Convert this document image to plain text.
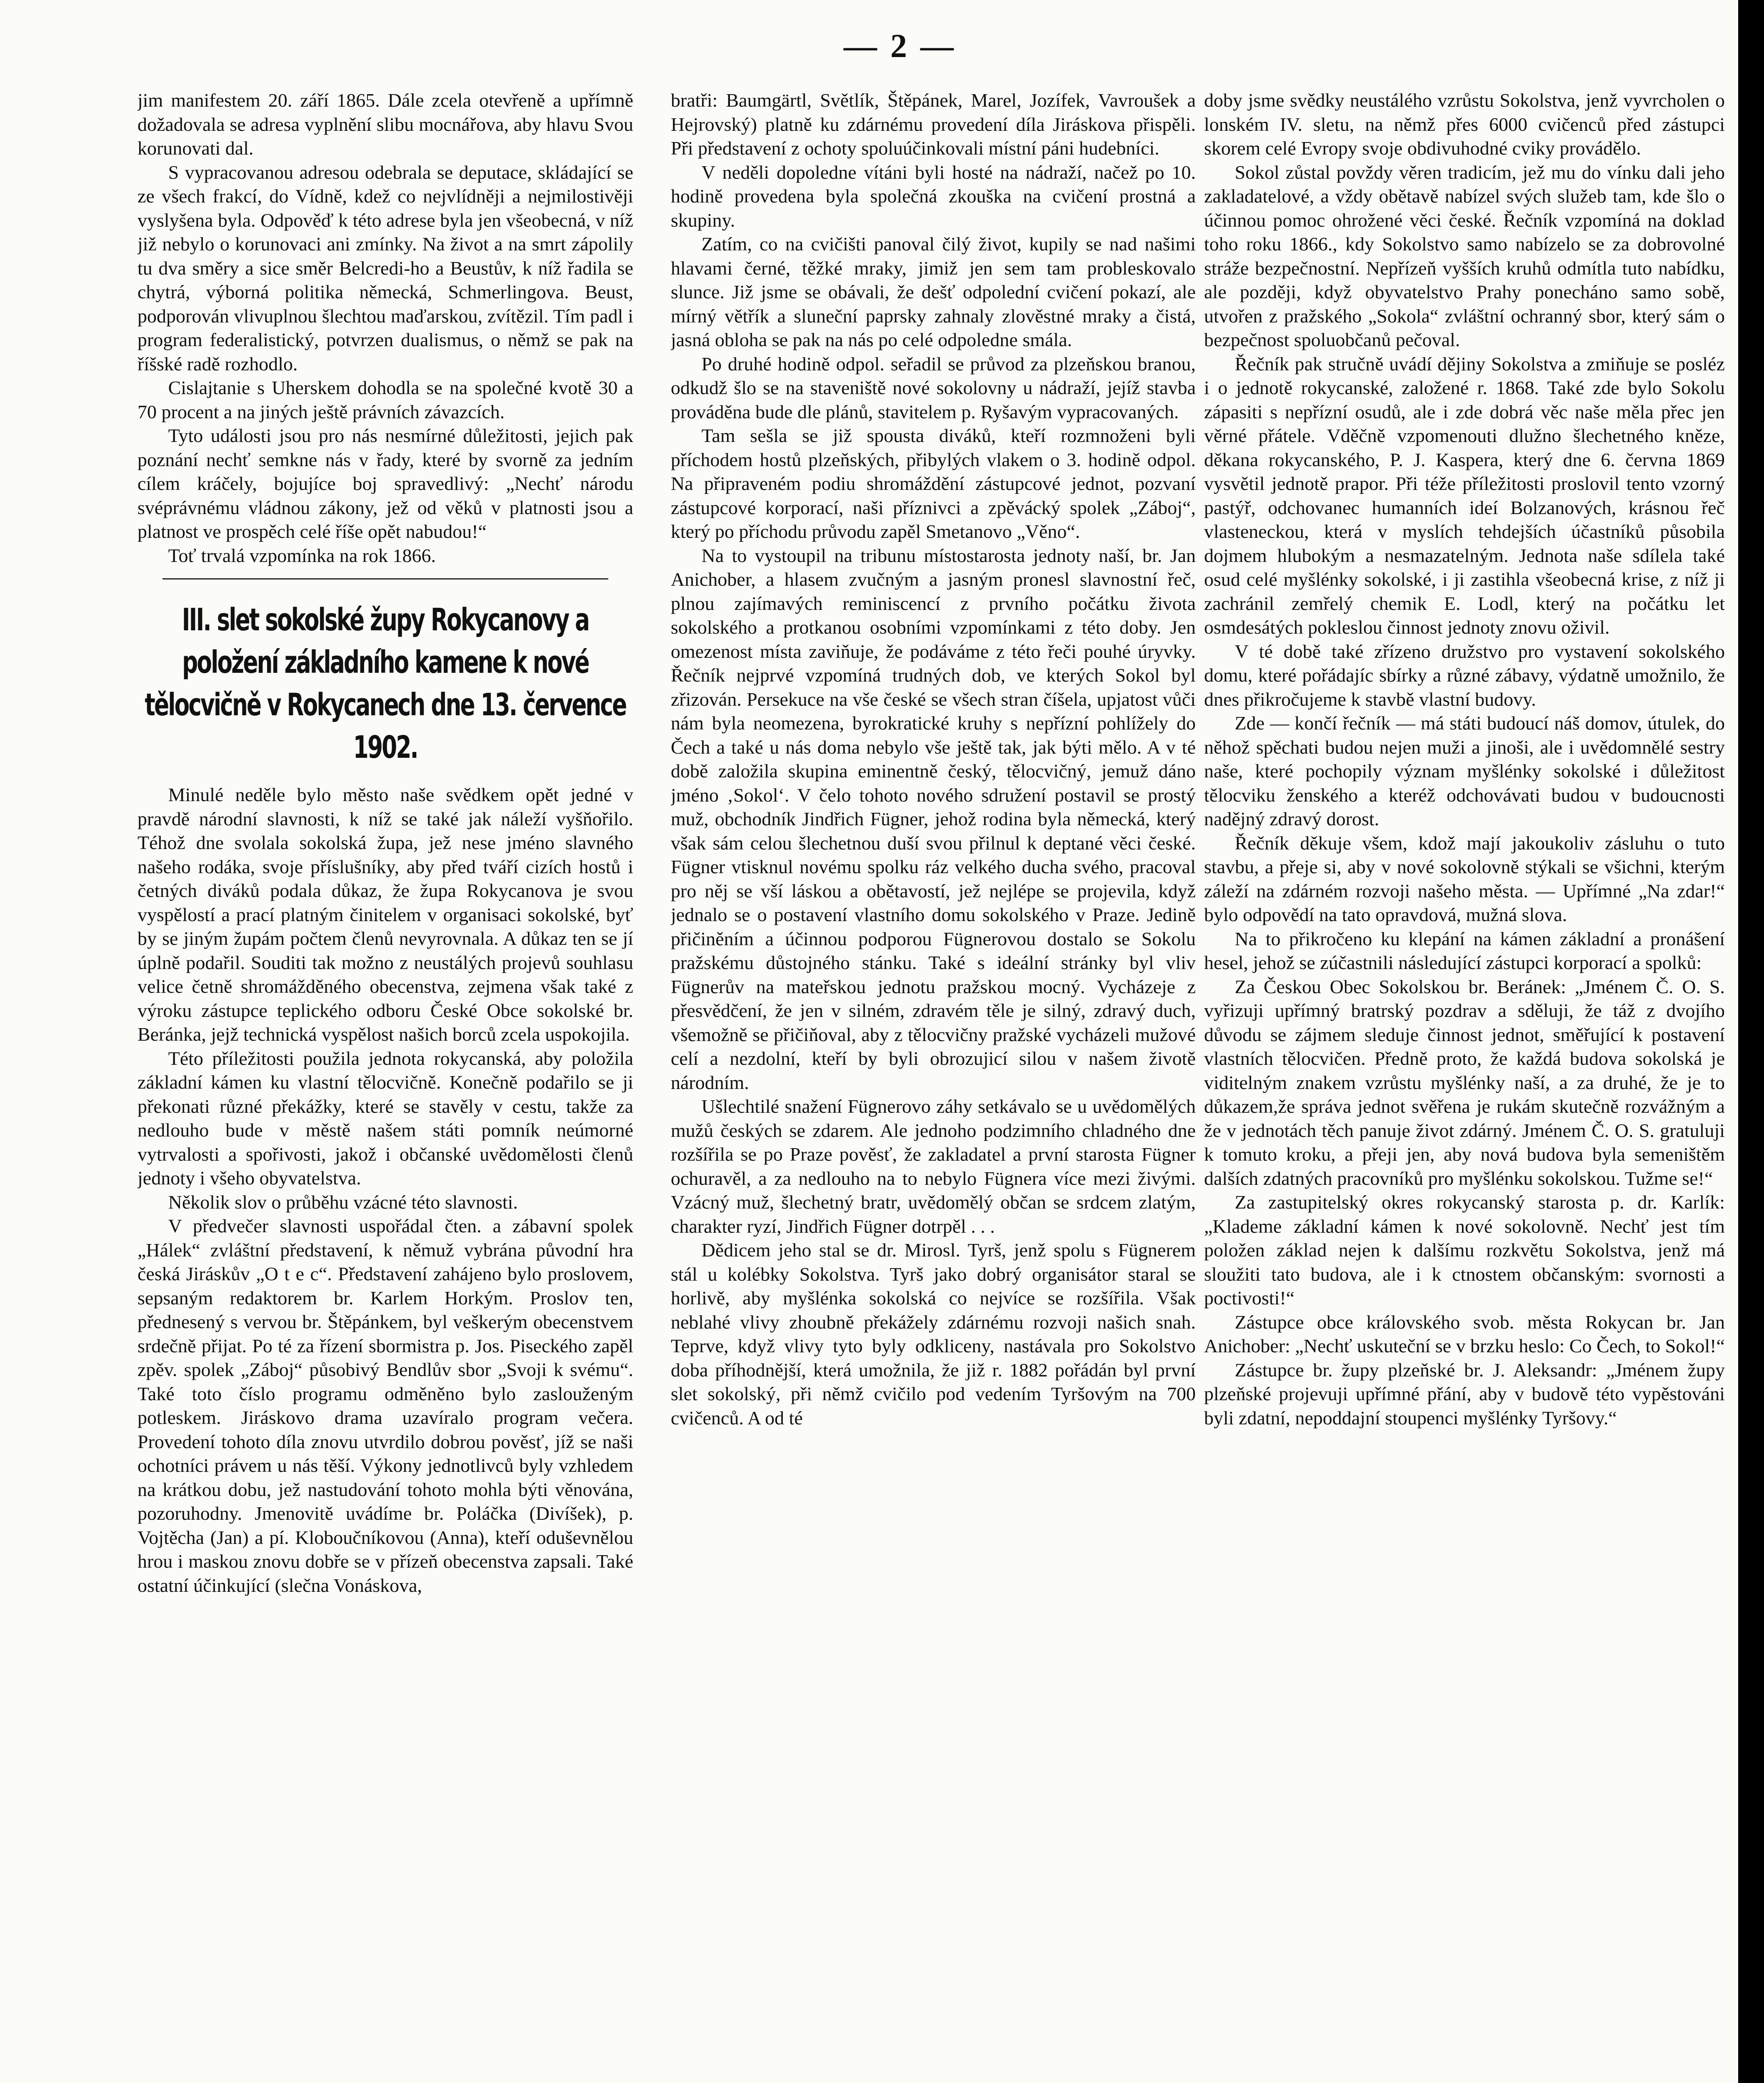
— 2 —

jim manifestem 20. září 1865. Dále zcela otevřeně a upřímně dožadovala se adresa vyplnění slibu mocnářova, aby hlavu Svou korunovati dal.

S vypracovanou adresou odebrala se deputace, skládající se ze všech frakcí, do Vídně, kdež co nejvlídněji a nejmilostivěji vyslyšena byla. Odpověď k této adrese byla jen všeobecná, v níž již nebylo o korunovaci ani zmínky. Na život a na smrt zápolily tu dva směry a sice směr Belcredi-ho a Beustův, k níž řadila se chytrá, výborná politika německá, Schmerlingova. Beust, podporován vlivuplnou šlechtou maďarskou, zvítězil. Tím padl i program federalistický, potvrzen dualismus, o němž se pak na říšské radě rozhodlo.

Cislajtanie s Uherskem dohodla se na společné kvotě 30 a 70 procent a na jiných ještě právních závazcích.

Tyto události jsou pro nás nesmírné důležitosti, jejich pak poznání nechť semkne nás v řady, které by svorně za jedním cílem kráčely, bojujíce boj spravedlivý: „Nechť národu svéprávnému vládnou zákony, jež od věků v platnosti jsou a platnost ve prospěch celé říše opět nabudou!“

Toť trvalá vzpomínka na rok 1866.

III. slet sokolské župy Rokycanovy a položení základního kamene k nové tělocvičně v Rokycanech dne 13. července 1902.

Minulé neděle bylo město naše svědkem opět jedné v pravdě národní slavnosti, k níž se také jak náleží vyšňořilo. Téhož dne svolala sokolská župa, jež nese jméno slavného našeho rodáka, svoje příslušníky, aby před tváří cizích hostů i četných diváků podala důkaz, že župa Rokycanova je svou vyspělostí a prací platným činitelem v organisaci sokolské, byť by se jiným župám počtem členů nevyrovnala. A důkaz ten se jí úplně podařil. Souditi tak možno z neustálých projevů souhlasu velice četně shromážděného obecenstva, zejmena však také z výroku zástupce teplického odboru České Obce sokolské br. Beránka, jejž technická vyspělost našich borců zcela uspokojila.

Této příležitosti použila jednota rokycanská, aby položila základní kámen ku vlastní tělocvičně. Konečně podařilo se ji překonati různé překážky, které se stavěly v cestu, takže za nedlouho bude v městě našem státi pomník neúmorné vytrvalosti a spořivosti, jakož i občanské uvědomělosti členů jednoty i všeho obyvatelstva.

Několik slov o průběhu vzácné této slavnosti.

V předvečer slavnosti uspořádal čten. a zábavní spolek „Hálek“ zvláštní představení, k němuž vybrána původní hra česká Jiráskův „O t e c“. Představení zahájeno bylo proslovem, sepsaným redaktorem br. Karlem Horkým. Proslov ten, přednesený s vervou br. Štěpánkem, byl veškerým obecenstvem srdečně přijat. Po té za řízení sbormistra p. Jos. Piseckého zapěl zpěv. spolek „Záboj“ působivý Bendlův sbor „Svoji k svému“. Také toto číslo programu odměněno bylo zaslouženým potleskem. Jiráskovo drama uzavíralo program večera. Provedení tohoto díla znovu utvrdilo dobrou pověsť, jíž se naši ochotníci právem u nás těší. Výkony jednotlivců byly vzhledem na krátkou dobu, jež nastudování tohoto mohla býti věnována, pozoruhodny. Jmenovitě uvádíme br. Poláčka (Divíšek), p. Vojtěcha (Jan) a pí. Kloboučníkovou (Anna), kteří oduševnělou hrou i maskou znovu dobře se v přízeň obecenstva zapsali. Také ostatní účinkující (slečna Vonáskova,

bratři: Baumgärtl, Světlík, Štěpánek, Marel, Jozífek, Vavroušek a Hejrovský) platně ku zdárnému provedení díla Jiráskova přispěli. Při představení z ochoty spoluúčinkovali místní páni hudebníci.

V neděli dopoledne vítáni byli hosté na nádraží, načež po 10. hodině provedena byla společná zkouška na cvičení prostná a skupiny.

Zatím, co na cvičišti panoval čilý život, kupily se nad našimi hlavami černé, těžké mraky, jimiž jen sem tam probleskovalo slunce. Již jsme se obávali, že dešť odpolední cvičení pokazí, ale mírný větřík a sluneční paprsky zahnaly zlověstné mraky a čistá, jasná obloha se pak na nás po celé odpoledne smála.

Po druhé hodině odpol. seřadil se průvod za plzeňskou branou, odkudž šlo se na staveniště nové sokolovny u nádraží, jejíž stavba prováděna bude dle plánů, stavitelem p. Ryšavým vypracovaných.

Tam sešla se již spousta diváků, kteří rozmnoženi byli příchodem hostů plzeňských, přibylých vlakem o 3. hodině odpol. Na připraveném podiu shromáždění zástupcové jednot, pozvaní zástupcové korporací, naši příznivci a zpěvácký spolek „Záboj“, který po příchodu průvodu zapěl Smetanovo „Věno“.

Na to vystoupil na tribunu místostarosta jednoty naší, br. Jan Anichober, a hlasem zvučným a jasným pronesl slavnostní řeč, plnou zajímavých reminiscencí z prvního počátku života sokolského a protkanou osobními vzpomínkami z této doby. Jen omezenost místa zaviňuje, že podáváme z této řeči pouhé úryvky. Řečník nejprvé vzpomíná trudných dob, ve kterých Sokol byl zřizován. Persekuce na vše české se všech stran číšela, upjatost vůči nám byla neomezena, byrokratické kruhy s nepřízní pohlížely do Čech a také u nás doma nebylo vše ještě tak, jak býti mělo. A v té době založila skupina eminentně český, tělocvičný, jemuž dáno jméno ‚Sokol‘. V čelo tohoto nového sdružení postavil se prostý muž, obchodník Jindřich Fügner, jehož rodina byla německá, který však sám celou šlechetnou duší svou přilnul k deptané věci české. Fügner vtisknul novému spolku ráz velkého ducha svého, pracoval pro něj se vší láskou a obětavostí, jež nejlépe se projevila, když jednalo se o postavení vlastního domu sokolského v Praze. Jedině přičiněním a účinnou podporou Fügnerovou dostalo se Sokolu pražskému důstojného stánku. Také s ideální stránky byl vliv Fügnerův na mateřskou jednotu pražskou mocný. Vycházeje z přesvědčení, že jen v silném, zdravém těle je silný, zdravý duch, všemožně se přičiňoval, aby z tělocvičny pražské vycházeli mužové celí a nezdolní, kteří by byli obrozujicí silou v našem životě národním.

Ušlechtilé snažení Fügnerovo záhy setkávalo se u uvědomělých mužů českých se zdarem. Ale jednoho podzimního chladného dne rozšířila se po Praze pověsť, že zakladatel a první starosta Fügner ochuravěl, a za nedlouho na to nebylo Fügnera více mezi živými. Vzácný muž, šlechetný bratr, uvědomělý občan se srdcem zlatým, charakter ryzí, Jindřich Fügner dotrpěl . . .

Dědicem jeho stal se dr. Mirosl. Tyrš, jenž spolu s Fügnerem stál u kolébky Sokolstva. Tyrš jako dobrý organisátor staral se horlivě, aby myšlénka sokolská co nejvíce se rozšířila. Však neblahé vlivy zhoubně překážely zdárnému rozvoji našich snah. Teprve, když vlivy tyto byly odkliceny, nastávala pro Sokolstvo doba příhodnější, která umožnila, že již r. 1882 pořádán byl první slet sokolský, při němž cvičilo pod vedením Tyršovým na 700 cvičenců. A od té

doby jsme svědky neustálého vzrůstu Sokolstva, jenž vyvrcholen o lonském IV. sletu, na němž přes 6000 cvičenců před zástupci skorem celé Evropy svoje obdivuhodné cviky provádělo.

Sokol zůstal povždy věren tradicím, jež mu do vínku dali jeho zakladatelové, a vždy obětavě nabízel svých služeb tam, kde šlo o účinnou pomoc ohrožené věci české. Řečník vzpomíná na doklad toho roku 1866., kdy Sokolstvo samo nabízelo se za dobrovolné stráže bezpečnostní. Nepřízeň vyšších kruhů odmítla tuto nabídku, ale později, když obyvatelstvo Prahy ponecháno samo sobě, utvořen z pražského „Sokola“ zvláštní ochranný sbor, který sám o bezpečnost spoluobčanů pečoval.

Řečník pak stručně uvádí dějiny Sokolstva a zmiňuje se posléz i o jednotě rokycanské, založené r. 1868. Také zde bylo Sokolu zápasiti s nepřízní osudů, ale i zde dobrá věc naše měla přec jen věrné přátele. Vděčně vzpomenouti dlužno šlechetného kněze, děkana rokycanského, P. J. Kaspera, který dne 6. června 1869 vysvětil jednotě prapor. Při téže příležitosti proslovil tento vzorný pastýř, odchovanec humanních ideí Bolzanových, krásnou řeč vlasteneckou, která v myslích tehdejších účastníků působila dojmem hlubokým a nesmazatelným. Jednota naše sdílela také osud celé myšlénky sokolské, i ji zastihla všeobecná krise, z níž ji zachránil zemřelý chemik E. Lodl, který na počátku let osmdesátých pokleslou činnost jednoty znovu oživil.

V té době také zřízeno družstvo pro vystavení sokolského domu, které pořádajíc sbírky a různé zábavy, výdatně umožnilo, že dnes přikročujeme k stavbě vlastní budovy.

Zde — končí řečník — má státi budoucí náš domov, útulek, do něhož spěchati budou nejen muži a jinoši, ale i uvědomnělé sestry naše, které pochopily význam myšlénky sokolské i důležitost tělocviku ženského a kteréž odchovávati budou v budoucnosti nadějný zdravý dorost.

Řečník děkuje všem, kdož mají jakoukoliv zásluhu o tuto stavbu, a přeje si, aby v nové sokolovně stýkali se všichni, kterým záleží na zdárném rozvoji našeho města. — Upřímné „Na zdar!“ bylo odpovědí na tato opravdová, mužná slova.

Na to přikročeno ku klepání na kámen základní a pronášení hesel, jehož se zúčastnili následující zástupci korporací a spolků:

Za Českou Obec Sokolskou br. Beránek: „Jménem Č. O. S. vyřizuji upřímný bratrský pozdrav a sděluji, že táž z dvojího důvodu se zájmem sleduje činnost jednot, směřující k postavení vlastních tělocvičen. Předně proto, že každá budova sokolská je viditelným znakem vzrůstu myšlénky naší, a za druhé, že je to důkazem,že správa jednot svěřena je rukám skutečně rozvážným a že v jednotách těch panuje život zdárný. Jménem Č. O. S. gratuluji k tomuto kroku, a přeji jen, aby nová budova byla semeništěm dalších zdatných pracovníků pro myšlénku sokolskou. Tužme se!“

Za zastupitelský okres rokycanský starosta p. dr. Karlík: „Klademe základní kámen k nové sokolovně. Nechť jest tím položen základ nejen k dalšímu rozkvětu Sokolstva, jenž má sloužiti tato budova, ale i k ctnostem občanským: svornosti a poctivosti!“

Zástupce obce královského svob. města Rokycan br. Jan Anichober: „Nechť uskuteční se v brzku heslo: Co Čech, to Sokol!“

Zástupce br. župy plzeňské br. J. Aleksandr: „Jménem župy plzeňské projevuji upřímné přání, aby v budově této vypěstováni byli zdatní, nepoddajní stoupenci myšlénky Tyršovy.“
